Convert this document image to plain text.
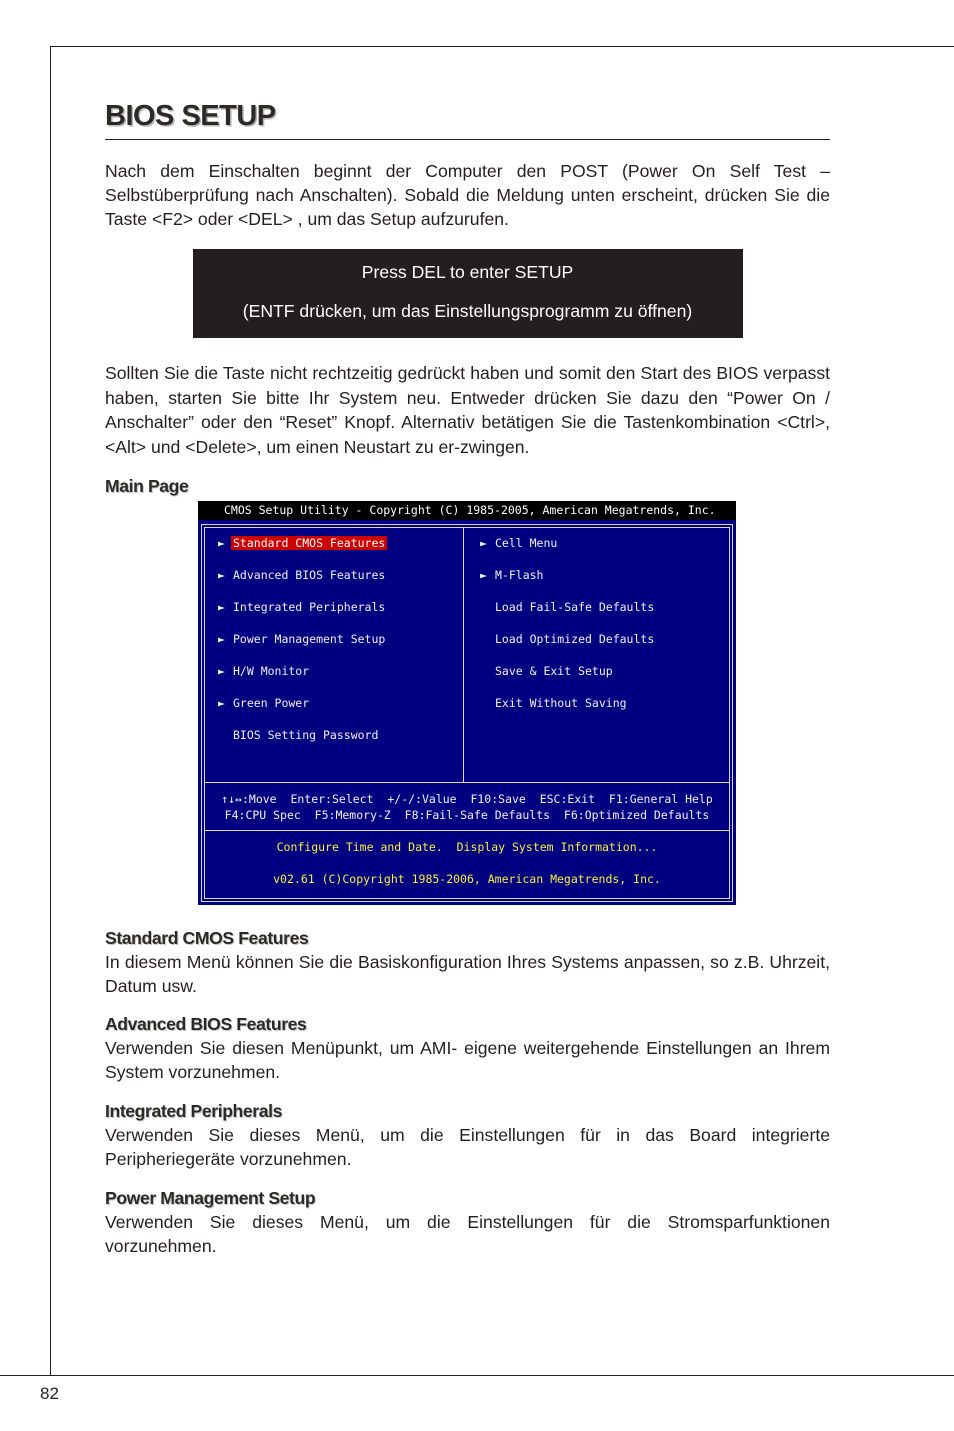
82
BIOS SETUP

Nach dem Einschalten beginnt der Computer den POST (Power On Self Test – Selbstüberprüfung nach Anschalten). Sobald die Meldung unten erscheint, drücken Sie die Taste <F2> oder <DEL> , um das Setup aufzurufen.

Press DEL to enter SETUP
(ENTF drücken, um das Einstellungsprogramm zu öffnen)

Sollten Sie die Taste nicht rechtzeitig gedrückt haben und somit den Start des BIOS verpasst haben, starten Sie bitte Ihr System neu. Entweder drücken Sie dazu den “Power On / Anschalter” oder den “Reset” Knopf. Alternativ betätigen Sie die Tastenkombination <Ctrl>, <Alt> und <Delete>, um einen Neustart zu er-zwingen.

Main Page
CMOS Setup Utility - Copyright (C) 1985-2005, American Megatrends, Inc.
► Standard CMOS Features
► Advanced BIOS Features
► Integrated Peripherals
► Power Management Setup
► H/W Monitor
► Green Power
BIOS Setting Password
► Cell Menu
► M-Flash
Load Fail-Safe Defaults
Load Optimized Defaults
Save & Exit Setup
Exit Without Saving
↑↓↔:Move  Enter:Select  +/-/:Value  F10:Save  ESC:Exit  F1:General Help
F4:CPU Spec  F5:Memory-Z  F8:Fail-Safe Defaults  F6:Optimized Defaults
Configure Time and Date.  Display System Information...
v02.61 (C)Copyright 1985-2006, American Megatrends, Inc.
Standard CMOS Features

In diesem Menü können Sie die Basiskonfiguration Ihres Systems anpassen, so z.B. Uhrzeit, Datum usw.

Advanced BIOS Features

Verwenden Sie diesen Menüpunkt, um AMI- eigene weitergehende Einstellungen an Ihrem System vorzunehmen.

Integrated Peripherals

Verwenden Sie dieses Menü, um die Einstellungen für in das Board integrierte Peripheriegeräte vorzunehmen.

Power Management Setup

Verwenden Sie dieses Menü, um die Einstellungen für die Stromsparfunktionen vorzunehmen.
